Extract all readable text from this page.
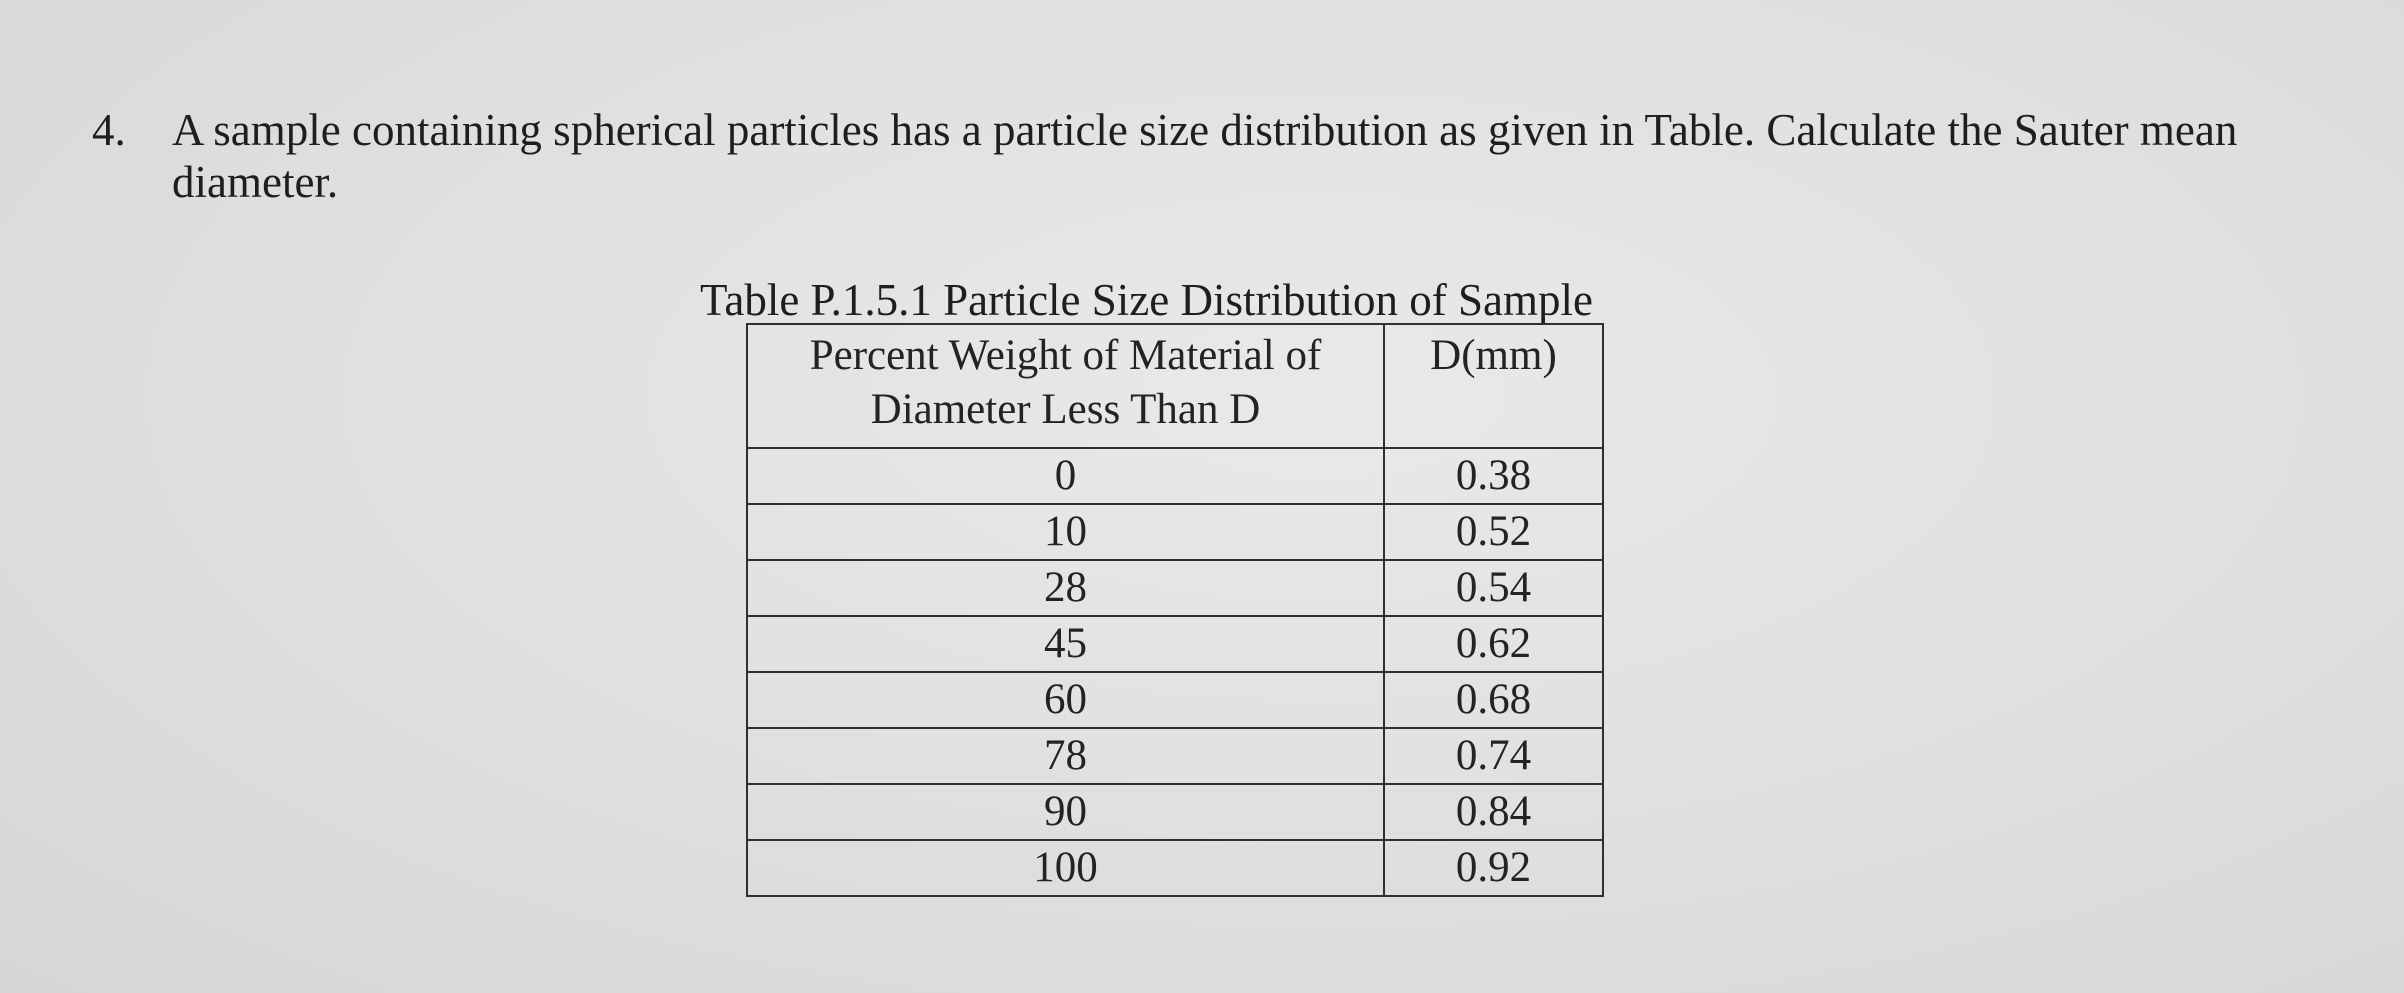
4. A sample containing spherical particles has a particle size distribution as given in Table. Calculate the Sauter mean diameter.
Table P.1.5.1 Particle Size Distribution of Sample
Percent Weight of Material of Diameter Less Than D	D(mm)
0	0.38
10	0.52
28	0.54
45	0.62
60	0.68
78	0.74
90	0.84
100	0.92
